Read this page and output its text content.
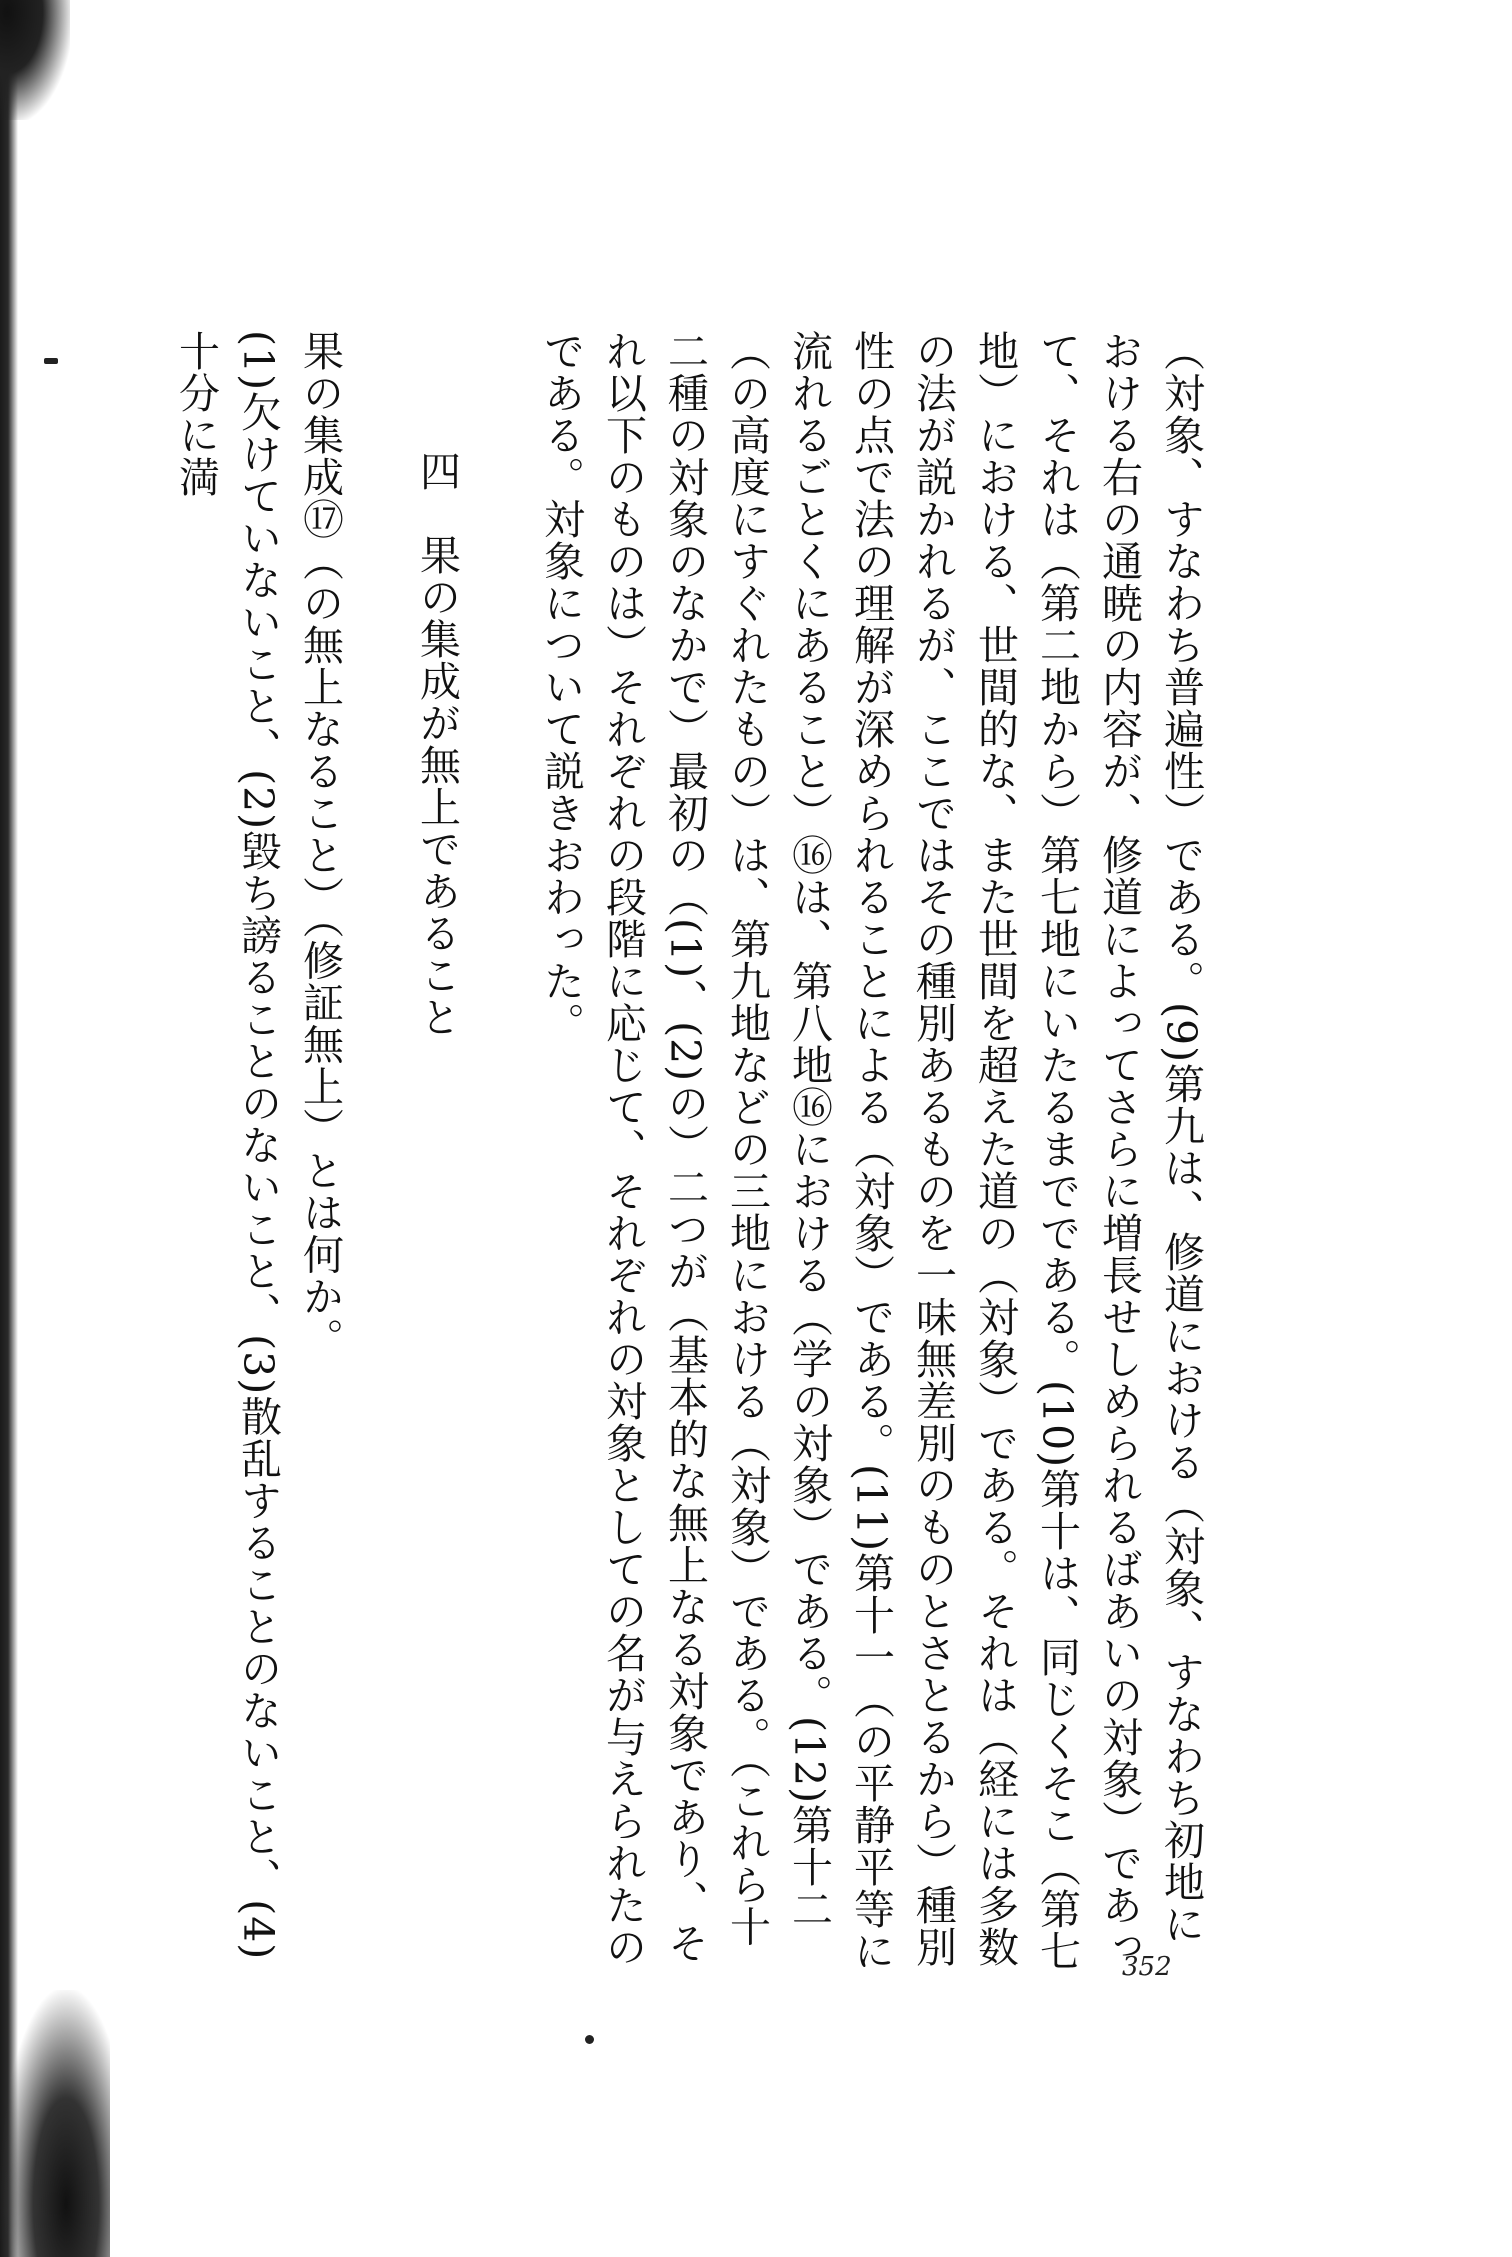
（対象、すなわち普遍性）である。(9)第九は、修道における（対象、すなわち初地における右の通暁の内容が、修道によってさらに増長せしめられるばあいの対象）であって、それは（第二地から）第七地にいたるまでである。(10)第十は、同じくそこ（第七地）における、世間的な、また世間を超えた道の（対象）である。それは（経には多数の法が説かれるが、ここではその種別あるものを一味無差別のものとさとるから）種別性の点で法の理解が深められることによる（対象）である。(11)第十一（の平静平等に流れるごとくにあること）⑯は、第八地⑯における（学の対象）である。(12)第十二（の高度にすぐれたもの）は、第九地などの三地における（対象）である。（これら十二種の対象のなかで）最初の（(1)、(2)の）二つが（基本的な無上なる対象であり、それ以下のものは）それぞれの段階に応じて、それぞれの対象としての名が与えられたのである。対象について説きおわった。

四　果の集成が無上であること

果の集成⑰（の無上なること）（修証無上）とは何か。

(1)欠けていないこと、(2)毀ち謗ることのないこと、(3)散乱することのないこと、(4)十分に満

352
